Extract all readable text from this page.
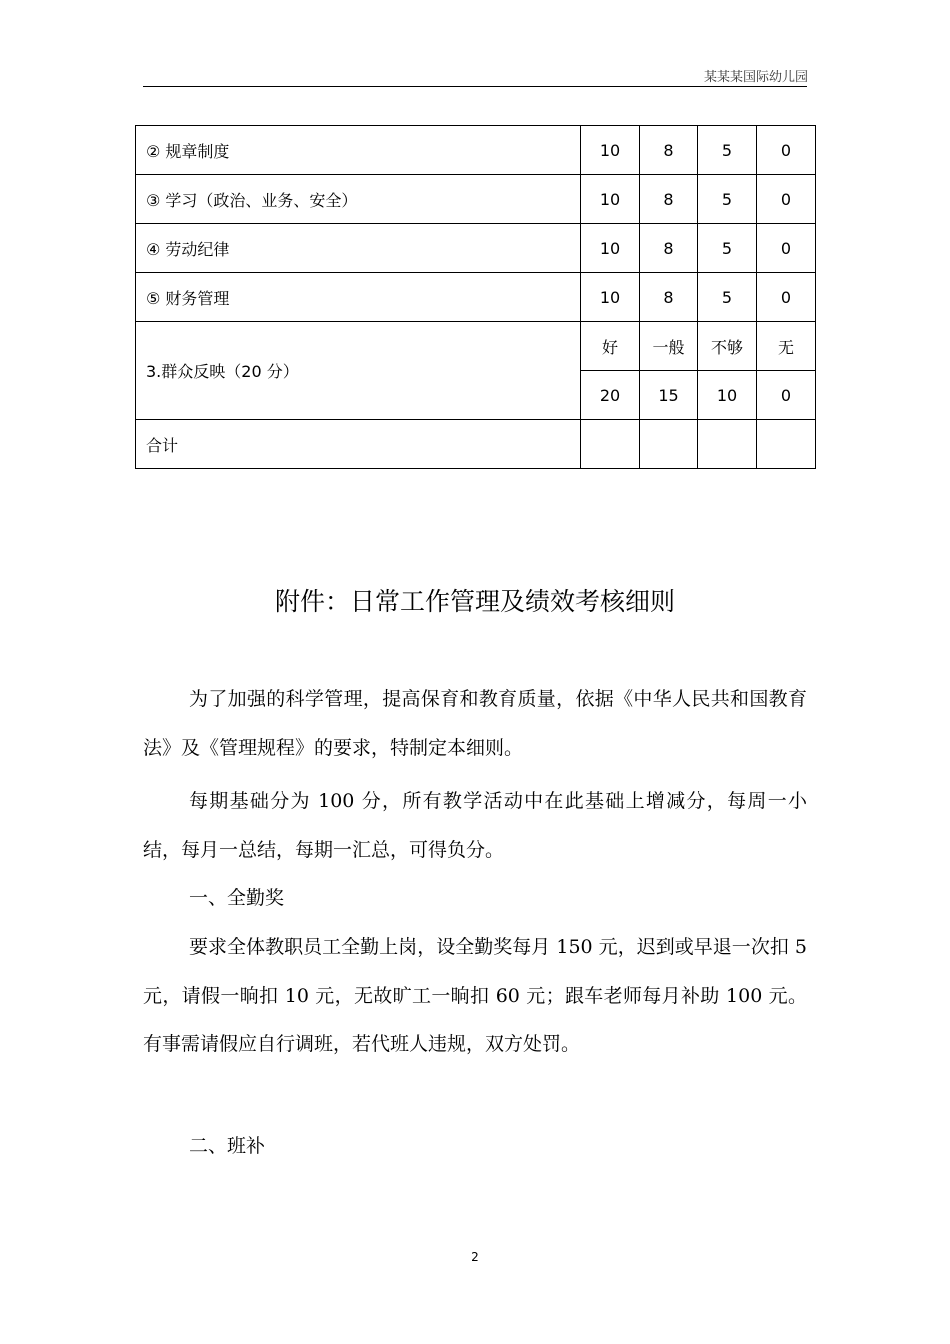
某某某国际幼儿园
② 规章制度	10	8	5	0
③ 学习（政治、业务、安全）	10	8	5	0
④ 劳动纪律	10	8	5	0
⑤ 财务管理	10	8	5	0
3.群众反映（20 分）	好	一般	不够	无
	20	15	10	0
合计				
附件：日常工作管理及绩效考核细则

为了加强的科学管理，提高保育和教育质量，依据《中华人民共和国教育法》及《管理规程》的要求，特制定本细则。

每期基础分为 100 分，所有教学活动中在此基础上增减分，每周一小结，每月一总结，每期一汇总，可得负分。

一、全勤奖

要求全体教职员工全勤上岗，设全勤奖每月 150 元，迟到或早退一次扣 5 元，请假一晌扣 10 元，无故旷工一晌扣 60 元；跟车老师每月补助 100 元。有事需请假应自行调班，若代班人违规，双方处罚。

二、班补

2
